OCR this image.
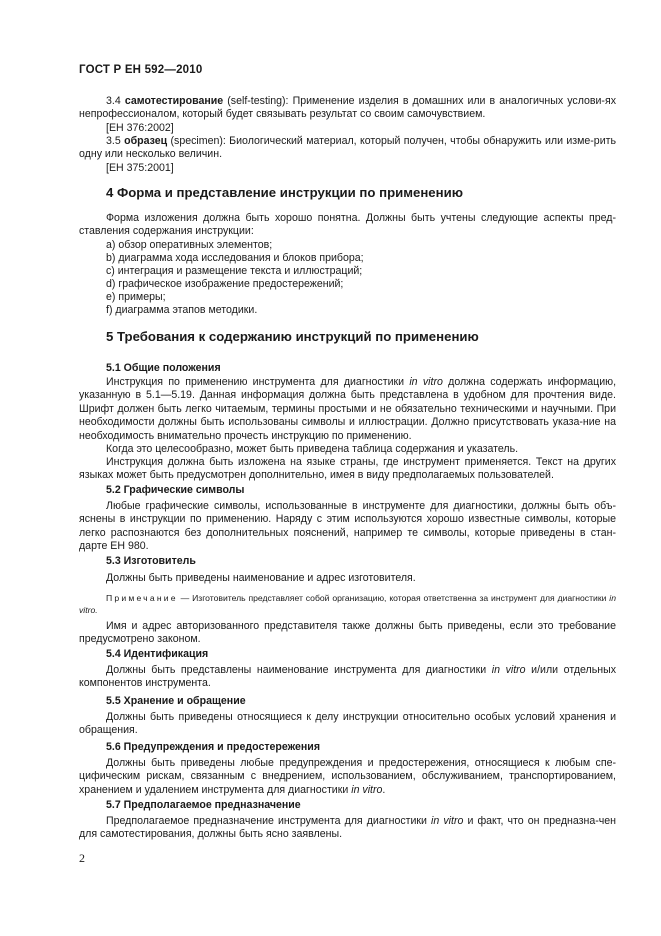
ГОСТ Р ЕН 592—2010

3.4 самотестирование (self-testing): Применение изделия в домашних или в аналогичных услови-ях непрофессионалом, который будет связывать результат со своим самочувствием.

[ЕН 376:2002]

3.5 образец (specimen): Биологический материал, который получен, чтобы обнаружить или изме-рить одну или несколько величин.

[ЕН 375:2001]

4 Форма и представление инструкции по применению

Форма изложения должна быть хорошо понятна. Должны быть учтены следующие аспекты пред-ставления содержания инструкции:

a) обзор оперативных элементов;

b) диаграмма хода исследования и блоков прибора;

c) интеграция и размещение текста и иллюстраций;

d) графическое изображение предостережений;

e) примеры;

f) диаграмма этапов методики.

5 Требования к содержанию инструкций по применению

5.1 Общие положения

Инструкция по применению инструмента для диагностики in vitro должна содержать информацию, указанную в 5.1—5.19. Данная информация должна быть представлена в удобном для прочтения виде. Шрифт должен быть легко читаемым, термины простыми и не обязательно техническими и научными. При необходимости должны быть использованы символы и иллюстрации. Должно присутствовать указа-ние на необходимость внимательно прочесть инструкцию по применению.

Когда это целесообразно, может быть приведена таблица содержания и указатель.

Инструкция должна быть изложена на языке страны, где инструмент применяется. Текст на других языках может быть предусмотрен дополнительно, имея в виду предполагаемых пользователей.

5.2 Графические символы

Любые графические символы, использованные в инструменте для диагностики, должны быть объ-яснены в инструкции по применению. Наряду с этим используются хорошо известные символы, которые легко распознаются без дополнительных пояснений, например те символы, которые приведены в стан-дарте ЕН 980.

5.3 Изготовитель

Должны быть приведены наименование и адрес изготовителя.

Примечание — Изготовитель представляет собой организацию, которая ответственна за инструмент для диагностики in vitro.

Имя и адрес авторизованного представителя также должны быть приведены, если это требование предусмотрено законом.

5.4 Идентификация

Должны быть представлены наименование инструмента для диагностики in vitro и/или отдельных компонентов инструмента.

5.5 Хранение и обращение

Должны быть приведены относящиеся к делу инструкции относительно особых условий хранения и обращения.

5.6 Предупреждения и предостережения

Должны быть приведены любые предупреждения и предостережения, относящиеся к любым спе-цифическим рискам, связанным с внедрением, использованием, обслуживанием, транспортированием, хранением и удалением инструмента для диагностики in vitro.

5.7 Предполагаемое предназначение

Предполагаемое предназначение инструмента для диагностики in vitro и факт, что он предназна-чен для самотестирования, должны быть ясно заявлены.

2
